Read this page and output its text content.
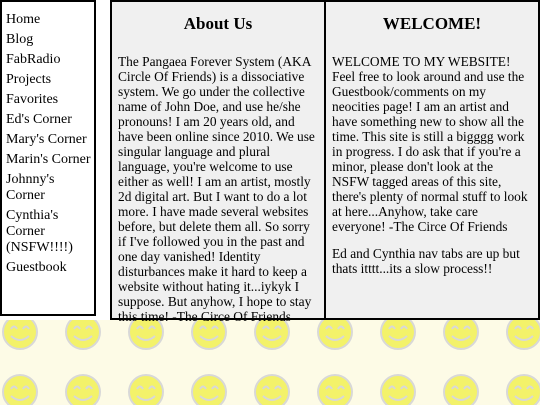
Home
Blog
FabRadio
Projects
Favorites
Ed's Corner
Mary's Corner
Marin's Corner
Johnny's Corner
Cynthia's Corner (NSFW!!!!)
Guestbook
About Us

The Pangaea Forever System (AKA Circle Of Friends) is a dissociative system. We go under the collective name of John Doe, and use he/she pronouns! I am 20 years old, and have been online since 2010. We use singular language and plural language, you're welcome to use either as well! I am an artist, mostly 2d digital art. But I want to do a lot more. I have made several websites before, but delete them all. So sorry if I've followed you in the past and one day vanished! Identity disturbances make it hard to keep a website without hating it...iykyk I suppose. But anyhow, I hope to stay this time! -The Circe Of Friends

WELCOME!

WELCOME TO MY WEBSITE! Feel free to look around and use the Guestbook/comments on my neocities page! I am an artist and have something new to show all the time. This site is still a bigggg work in progress. I do ask that if you're a minor, please don't look at the NSFW tagged areas of this site, there's plenty of normal stuff to look at here...Anyhow, take care everyone! -The Circe Of Friends

Ed and Cynthia nav tabs are up but thats itttt...its a slow process!!
